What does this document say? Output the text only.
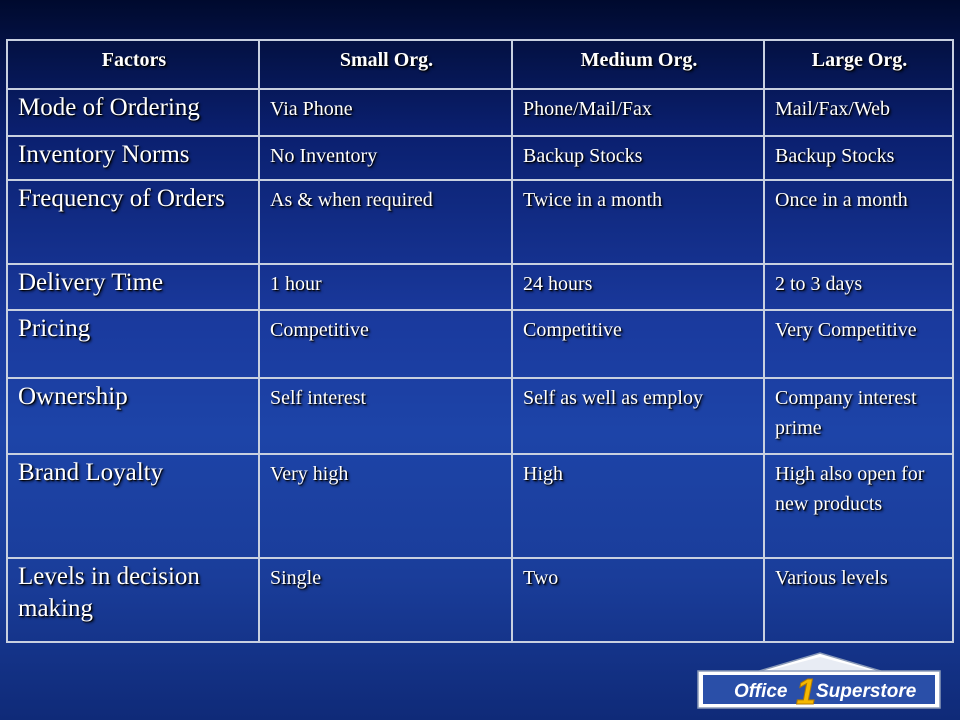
Factors	Small Org.	Medium Org.	Large Org.
Mode of Ordering	Via Phone	Phone/Mail/Fax	Mail/Fax/Web
Inventory Norms	No Inventory	Backup Stocks	Backup Stocks
Frequency of Orders	As & when required	Twice in a month	Once in a month
Delivery Time	1 hour	24 hours	2 to 3 days
Pricing	Competitive	Competitive	Very Competitive
Ownership	Self interest	Self as well as employ	Company interest prime
Brand Loyalty	Very high	High	High also open for new products
Levels in decision making	Single	Two	Various levels
Office 1 Superstore
